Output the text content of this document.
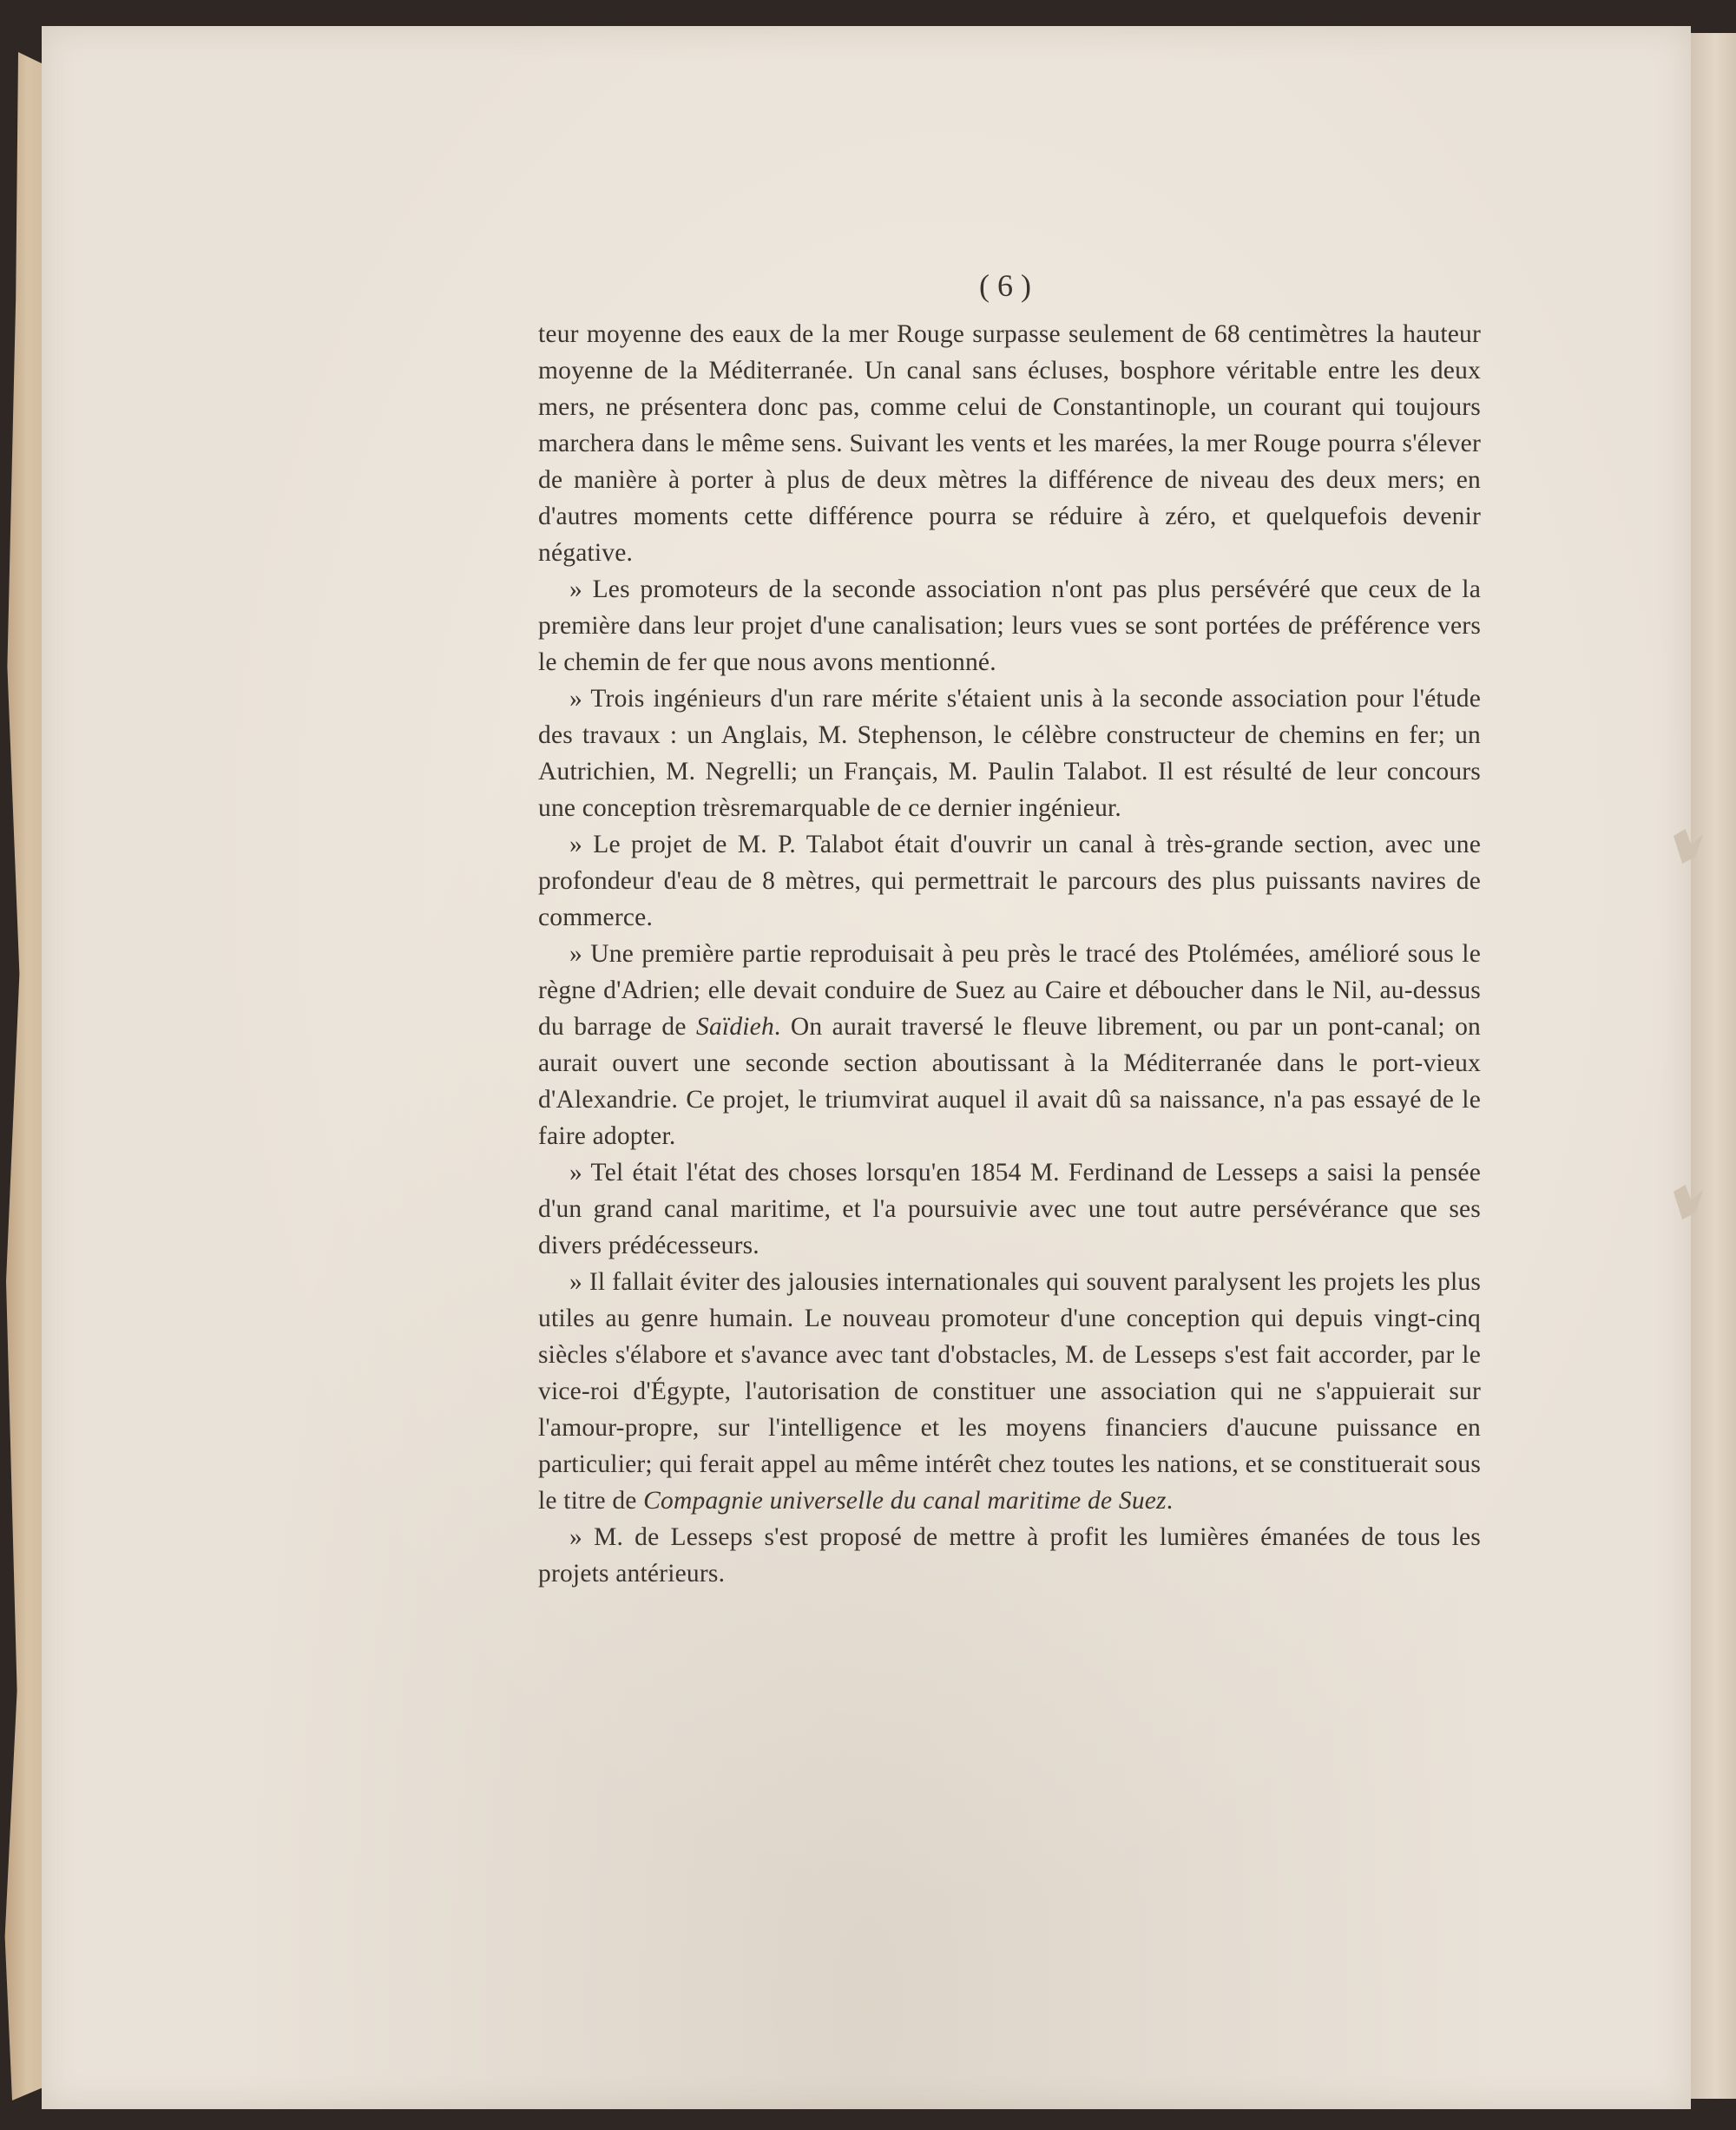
( 6 )

teur moyenne des eaux de la mer Rouge surpasse seulement de 68 centimètres la hauteur moyenne de la Méditerranée. Un canal sans écluses, bosphore véritable entre les deux mers, ne présentera donc pas, comme celui de Constantinople, un courant qui toujours marchera dans le même sens. Suivant les vents et les marées, la mer Rouge pourra s'élever de manière à porter à plus de deux mètres la différence de niveau des deux mers; en d'autres moments cette différence pourra se réduire à zéro, et quelquefois devenir négative.

» Les promoteurs de la seconde association n'ont pas plus persévéré que ceux de la première dans leur projet d'une canalisation; leurs vues se sont portées de préférence vers le chemin de fer que nous avons mentionné.

» Trois ingénieurs d'un rare mérite s'étaient unis à la seconde association pour l'étude des travaux : un Anglais, M. Stephenson, le célèbre constructeur de chemins en fer; un Autrichien, M. Negrelli; un Français, M. Paulin Talabot. Il est résulté de leur concours une conception trèsremarquable de ce dernier ingénieur.

» Le projet de M. P. Talabot était d'ouvrir un canal à très-grande section, avec une profondeur d'eau de 8 mètres, qui permettrait le parcours des plus puissants navires de commerce.

» Une première partie reproduisait à peu près le tracé des Ptolémées, amélioré sous le règne d'Adrien; elle devait conduire de Suez au Caire et déboucher dans le Nil, au-dessus du barrage de Saïdieh. On aurait traversé le fleuve librement, ou par un pont-canal; on aurait ouvert une seconde section aboutissant à la Méditerranée dans le port-vieux d'Alexandrie. Ce projet, le triumvirat auquel il avait dû sa naissance, n'a pas essayé de le faire adopter.

» Tel était l'état des choses lorsqu'en 1854 M. Ferdinand de Lesseps a saisi la pensée d'un grand canal maritime, et l'a poursuivie avec une tout autre persévérance que ses divers prédécesseurs.

» Il fallait éviter des jalousies internationales qui souvent paralysent les projets les plus utiles au genre humain. Le nouveau promoteur d'une conception qui depuis vingt-cinq siècles s'élabore et s'avance avec tant d'obstacles, M. de Lesseps s'est fait accorder, par le vice-roi d'Égypte, l'autorisation de constituer une association qui ne s'appuierait sur l'amour-propre, sur l'intelligence et les moyens financiers d'aucune puissance en particulier; qui ferait appel au même intérêt chez toutes les nations, et se constituerait sous le titre de Compagnie universelle du canal maritime de Suez.

» M. de Lesseps s'est proposé de mettre à profit les lumières émanées de tous les projets antérieurs.
